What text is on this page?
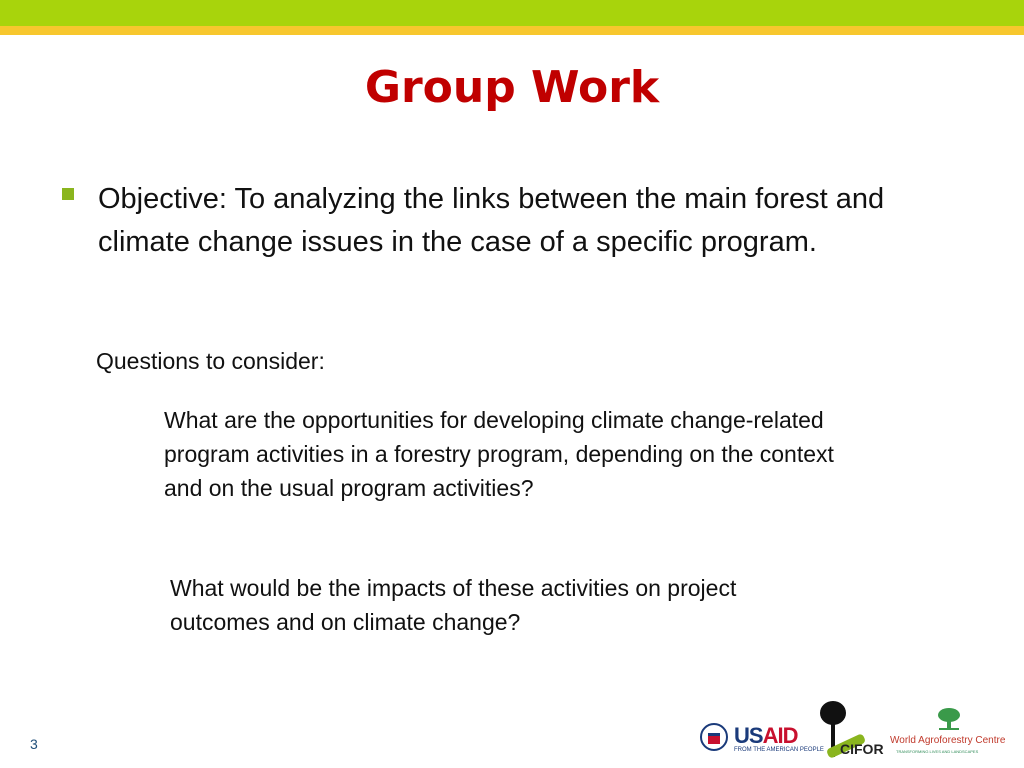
Group Work
Objective: To analyzing the links between the main forest and climate change issues in the case of a specific program.
Questions to consider:
What are the opportunities for developing climate change-related program activities in a forestry program, depending on the context and on the usual program activities?
What would be the impacts of these activities on project outcomes and on climate change?
3	USAID
FROM THE AMERICAN PEOPLE CIFOR
World Agroforestry Centre
TRANSFORMING LIVES AND LANDSCAPES
